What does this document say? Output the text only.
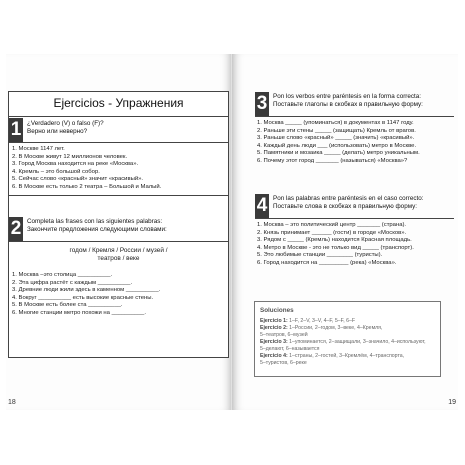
Ejercicios - Упражнения
1 ¿Verdadero (V) o falso (F)?
Верно или неверно?
1. Москве 1147 лет.
2. В Москве живут 12 миллионов человек.
3. Город Москва находится на реке «Москва».
4. Кремль – это большой собор.
5. Сейчас слово «красный» значит «красивый».
6. В Москве есть только 2 театра – Большой и Малый.
2 Completa las frases con las siguientes palabras:
Закончите предложения следующими словами:
годом / Кремля / России / музей /
театров / веке
1. Москва –это столица __________.
2. Эта цифра растёт с каждым __________.
3. Древние люди жили здесь в каменном __________.
4. Вокруг __________ есть высокие красные стены.
5. В Москве есть более ста __________.
6. Многие станции метро похожи на __________.
18
3 Pon los verbos entre paréntesis en la forma correcta:
Поставьте глаголы в скобках в правильную форму:
1. Москва _____ (упоминаться) в документах в 1147 году.
2. Раньше эти стены _____ (защищать) Кремль от врагов.
3. Раньше слово «красный» _____ (значить) «красивый».
4. Каждый день люди ___ (использовать) метро в Москве.
5. Памятники и мозаика _____ (делать) метро уникальным.
6. Почему этот город _______ (называться) «Москва»?
4 Pon las palabras entre paréntesis en el caso correcto:
Поставьте слова в скобках в правильную форму:
1. Москва – это политический центр _______ (страна).
2. Князь принимает ______ (гости) в городе «Москов».
3. Рядом с _____ (Кремль) находится Красная площадь.
4. Метро в Москве - это не только вид _____ (транспорт).
5. Это любимые станции ________ (туристы).
6. Город находится на _________ (река) «Москва».
Soluciones
Ejercicio 1: 1–F, 2–V, 3–V, 4–F, 5–F, 6–F
Ejercicio 2: 1–России, 2–годом, 3–веке, 4–Кремля,
5–театров, 6–музей
Ejercicio 3: 1–упоминается, 2–защищали, 3–значило, 4–используют,
5–делают, 6–называется
Ejercicio 4: 1–страны, 2–гостей, 3–Кремлём, 4–транспорта,
5–туристов, 6–реке
19
